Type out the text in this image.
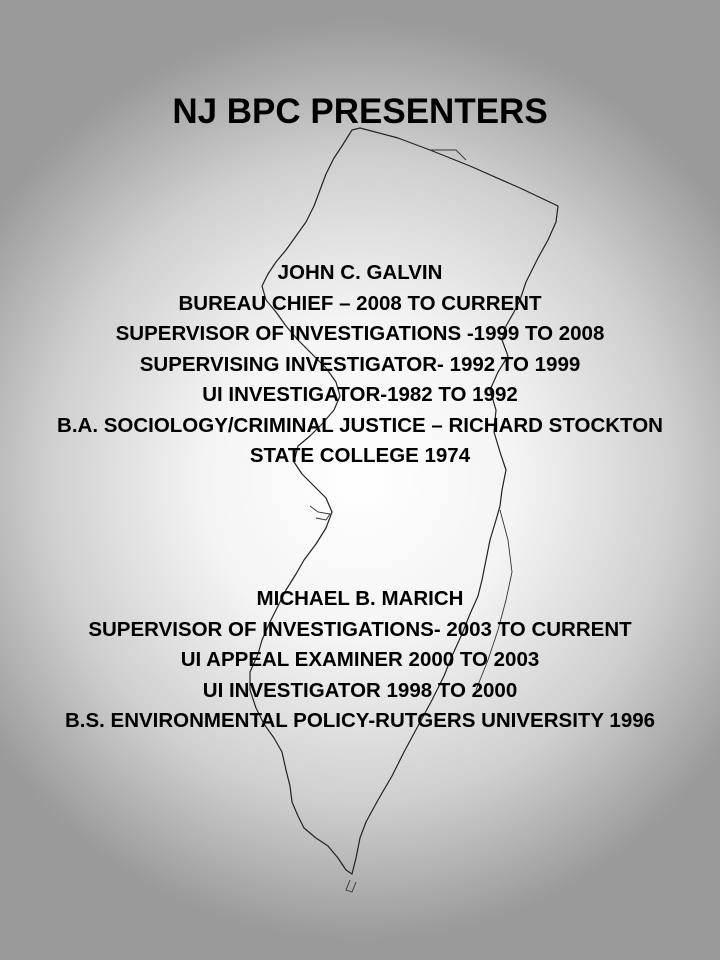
NJ BPC PRESENTERS
JOHN C. GALVIN
BUREAU CHIEF – 2008 TO CURRENT
SUPERVISOR OF INVESTIGATIONS -1999 TO 2008
SUPERVISING INVESTIGATOR- 1992 TO 1999
UI INVESTIGATOR-1982 TO 1992
B.A. SOCIOLOGY/CRIMINAL JUSTICE – RICHARD STOCKTON
STATE COLLEGE 1974
MICHAEL B. MARICH
SUPERVISOR OF INVESTIGATIONS- 2003 TO CURRENT
UI APPEAL EXAMINER 2000 TO 2003
UI INVESTIGATOR 1998 TO 2000
B.S. ENVIRONMENTAL POLICY-RUTGERS UNIVERSITY 1996
